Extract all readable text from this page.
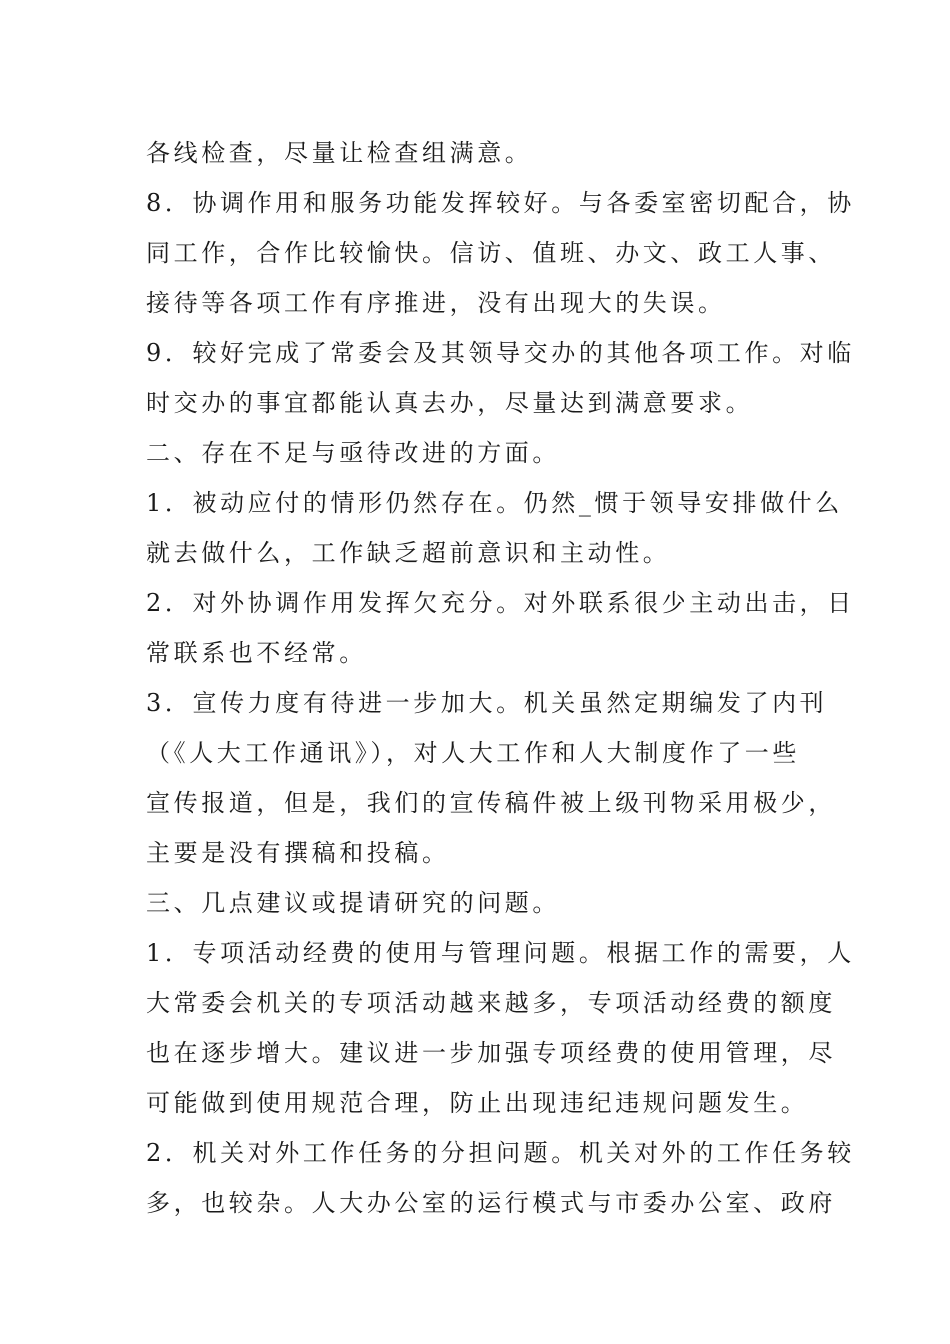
各线检查，尽量让检查组满意。
8．协调作用和服务功能发挥较好。与各委室密切配合，协
同工作，合作比较愉快。信访、值班、办文、政工人事、
接待等各项工作有序推进，没有出现大的失误。
9．较好完成了常委会及其领导交办的其他各项工作。对临
时交办的事宜都能认真去办，尽量达到满意要求。
二、存在不足与亟待改进的方面。
1．被动应付的情形仍然存在。仍然_惯于领导安排做什么
就去做什么，工作缺乏超前意识和主动性。
2．对外协调作用发挥欠充分。对外联系很少主动出击，日
常联系也不经常。
3．宣传力度有待进一步加大。机关虽然定期编发了内刊
（《人大工作通讯》），对人大工作和人大制度作了一些
宣传报道，但是，我们的宣传稿件被上级刊物采用极少，
主要是没有撰稿和投稿。
三、几点建议或提请研究的问题。
1．专项活动经费的使用与管理问题。根据工作的需要，人
大常委会机关的专项活动越来越多，专项活动经费的额度
也在逐步增大。建议进一步加强专项经费的使用管理，尽
可能做到使用规范合理，防止出现违纪违规问题发生。
2．机关对外工作任务的分担问题。机关对外的工作任务较
多，也较杂。人大办公室的运行模式与市委办公室、政府
